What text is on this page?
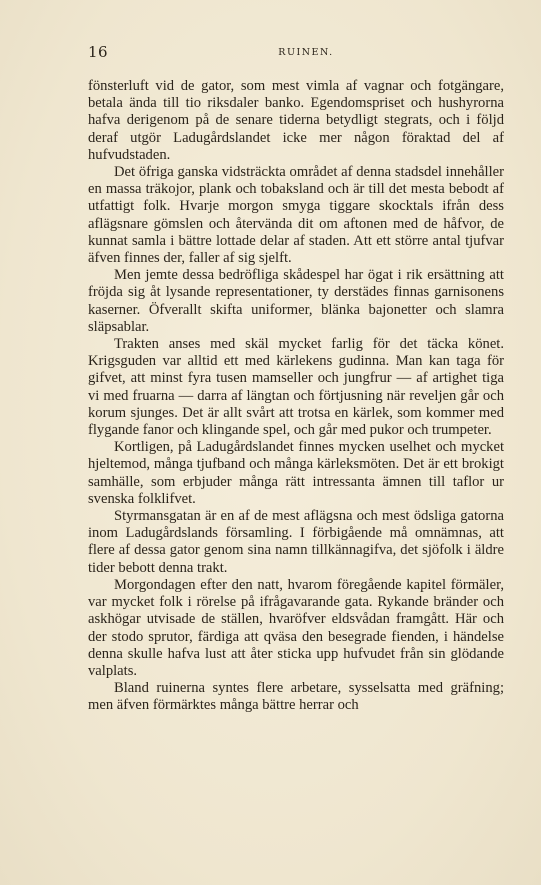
16	RUINEN.

fönsterluft vid de gator, som mest vimla af vagnar och fotgängare, betala ända till tio riksdaler banko. Egendomspriset och hushyrorna hafva derigenom på de senare tiderna betydligt stegrats, och i följd deraf utgör Ladugårdslandet icke mer någon föraktad del af hufvudstaden.

Det öfriga ganska vidsträckta området af denna stadsdel innehåller en massa träkojor, plank och tobaksland och är till det mesta bebodt af utfattigt folk. Hvarje morgon smyga tiggare skocktals ifrån dess aflägsnare gömslen och återvända dit om aftonen med de håfvor, de kunnat samla i bättre lottade delar af staden. Att ett större antal tjufvar äfven finnes der, faller af sig sjelft.

Men jemte dessa bedröfliga skådespel har ögat i rik ersättning att fröjda sig åt lysande representationer, ty derstädes finnas garnisonens kaserner. Öfverallt skifta uniformer, blänka bajonetter och slamra släpsablar.

Trakten anses med skäl mycket farlig för det täcka könet. Krigsguden var alltid ett med kärlekens gudinna. Man kan taga för gifvet, att minst fyra tusen mamseller och jungfrur — af artighet tiga vi med fruarna — darra af längtan och förtjusning när reveljen går och korum sjunges. Det är allt svårt att trotsa en kärlek, som kommer med flygande fanor och klingande spel, och går med pukor och trumpeter.

Kortligen, på Ladugårdslandet finnes mycken uselhet och mycket hjeltemod, många tjufband och många kärleksmöten. Det är ett brokigt samhälle, som erbjuder många rätt intressanta ämnen till taflor ur svenska folklifvet.

Styrmansgatan är en af de mest aflägsna och mest ödsliga gatorna inom Ladugårdslands församling. I förbigående må omnämnas, att flere af dessa gator genom sina namn tillkännagifva, det sjöfolk i äldre tider bebott denna trakt.

Morgondagen efter den natt, hvarom föregående kapitel förmäler, var mycket folk i rörelse på ifrågavarande gata. Rykande bränder och askhögar utvisade de ställen, hvaröfver eldsvådan framgått. Här och der stodo sprutor, färdiga att qväsa den besegrade fienden, i händelse denna skulle hafva lust att åter sticka upp hufvudet från sin glödande valplats.

Bland ruinerna syntes flere arbetare, sysselsatta med gräfning; men äfven förmärktes många bättre herrar och
